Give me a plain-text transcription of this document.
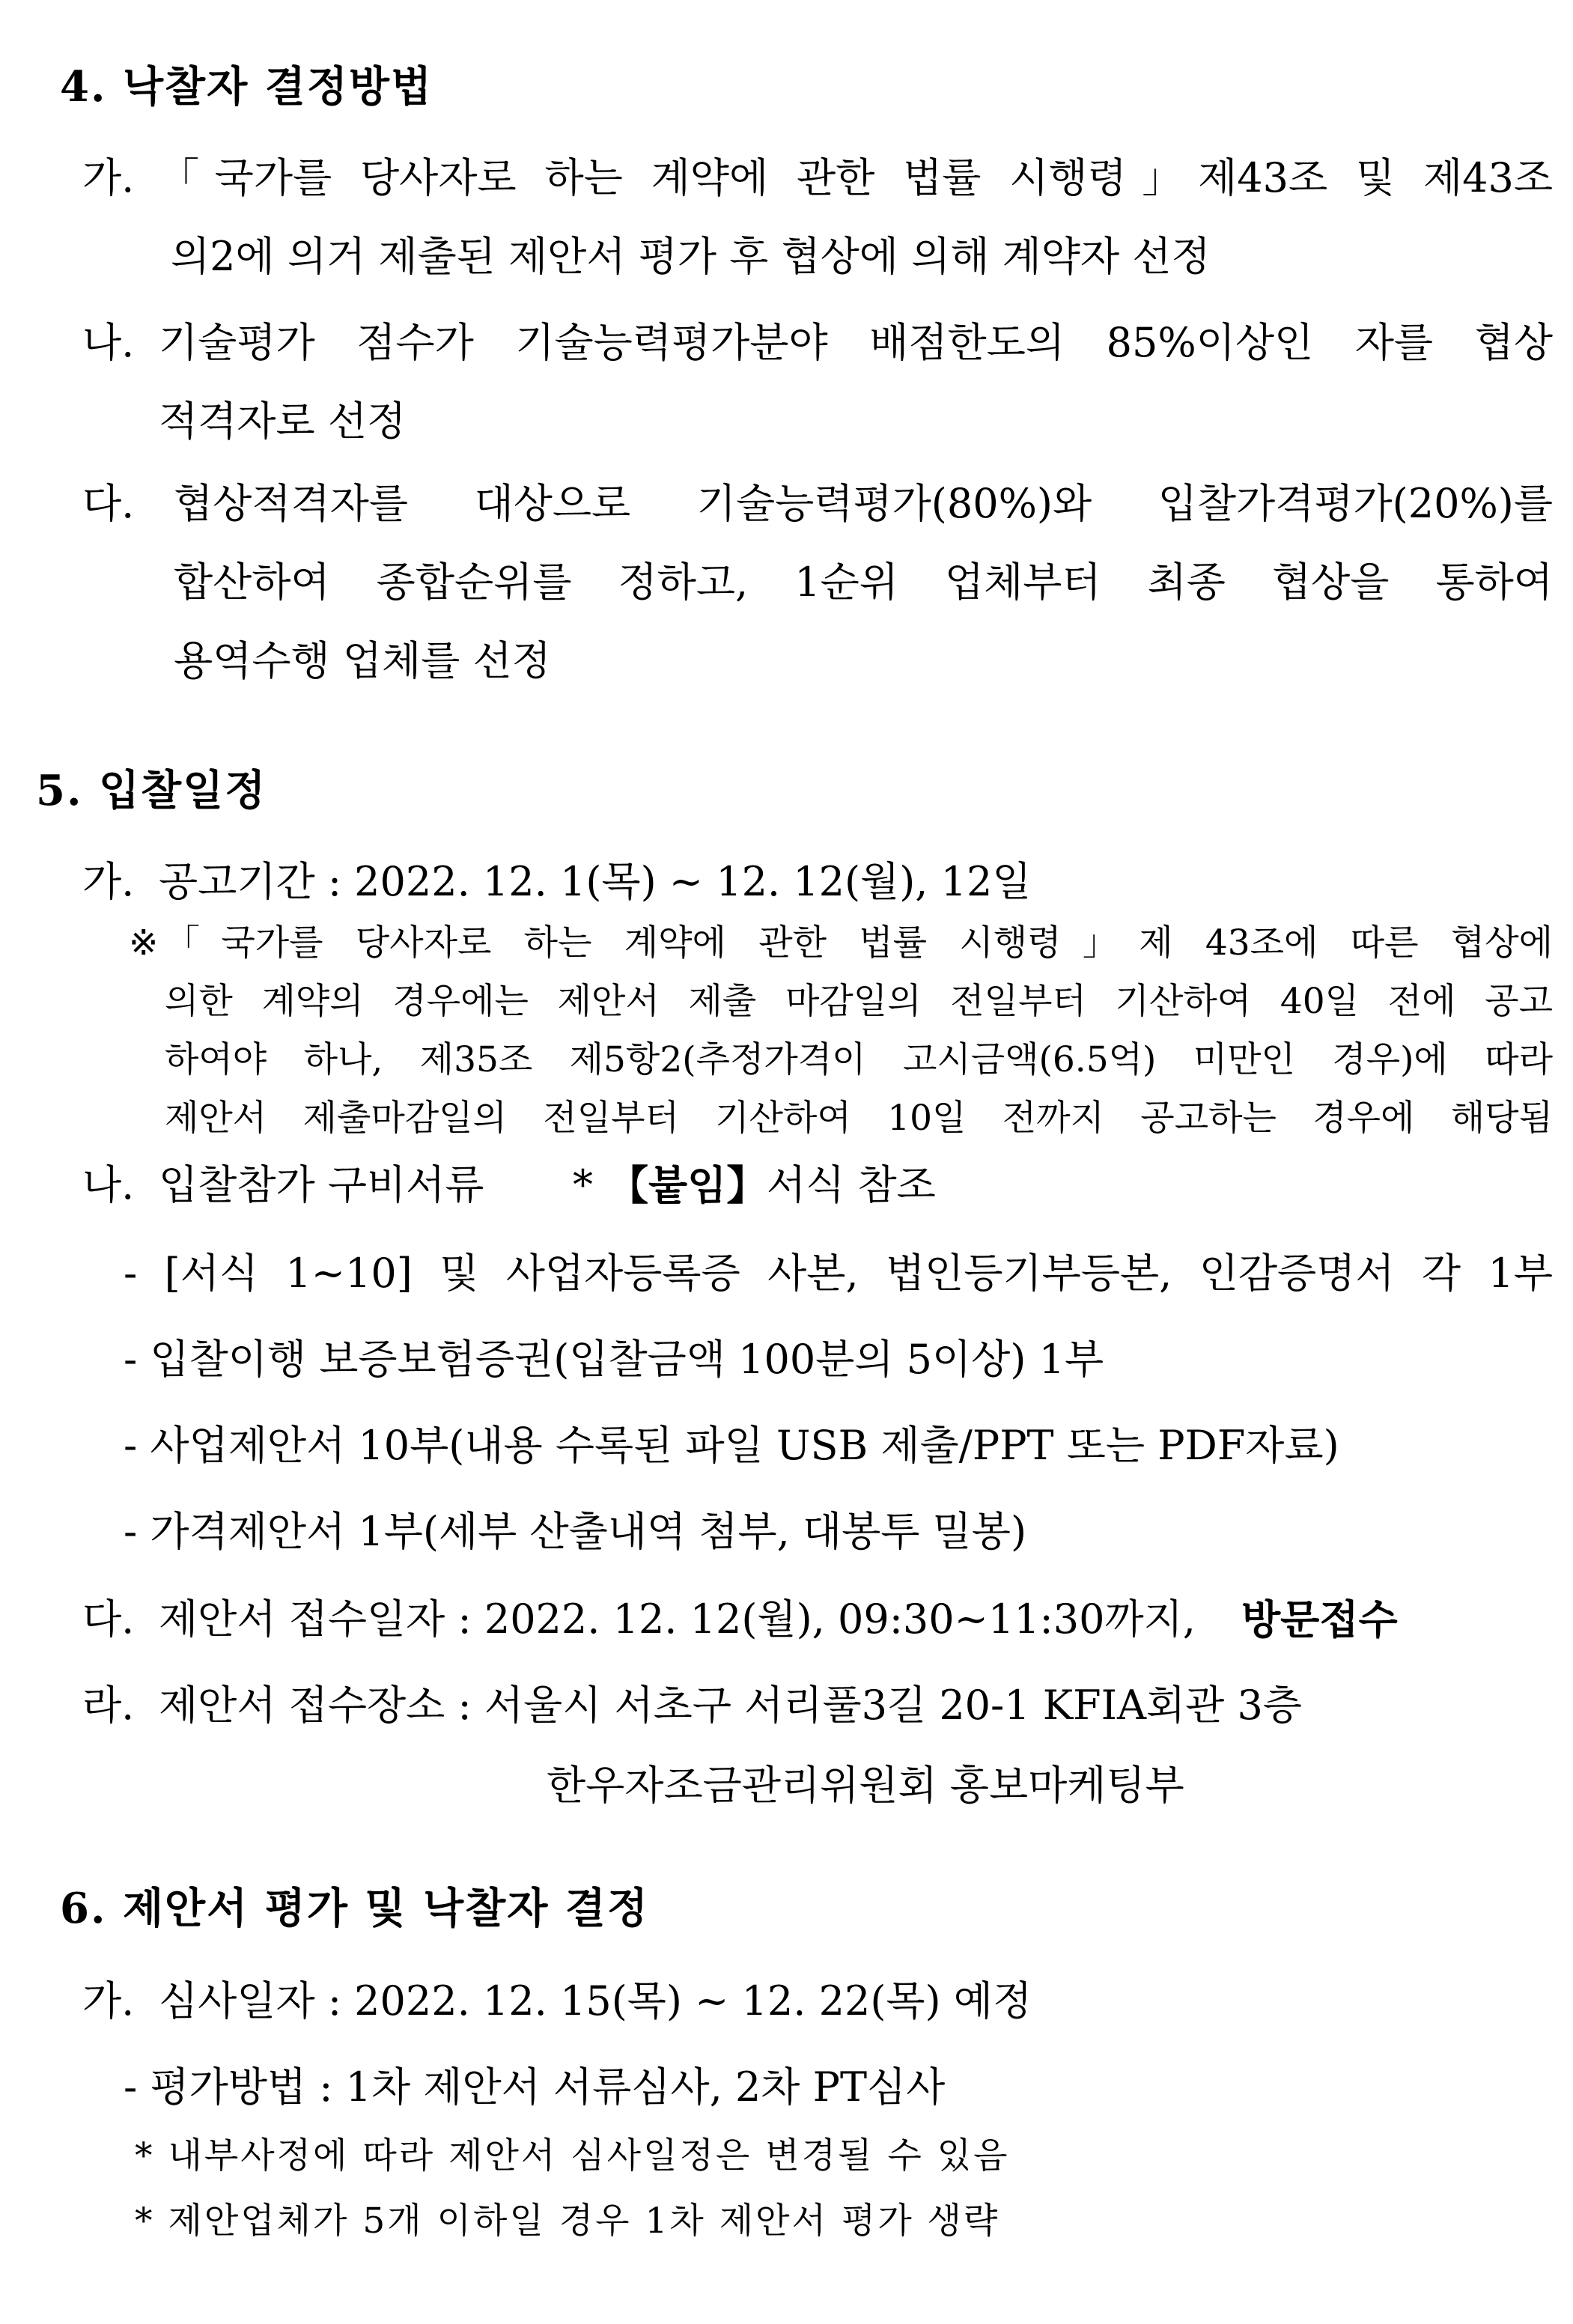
4. 낙찰자 결정방법
가. 「국가를 당사자로 하는 계약에 관한 법률 시행령」제43조 및 제43조
의2에 의거 제출된 제안서 평가 후 협상에 의해 계약자 선정
나. 기술평가 점수가 기술능력평가분야 배점한도의 85%이상인 자를 협상
적격자로 선정
다. 협상적격자를 대상으로 기술능력평가(80%)와 입찰가격평가(20%)를
합산하여 종합순위를 정하고, 1순위 업체부터 최종 협상을 통하여
용역수행 업체를 선정
5. 입찰일정
가. 공고기간 : 2022. 12. 1(목) ~ 12. 12(월), 12일
※ 「국가를 당사자로 하는 계약에 관한 법률 시행령」제 43조에 따른 협상에
의한 계약의 경우에는 제안서 제출 마감일의 전일부터 기산하여 40일 전에 공고
하여야 하나, 제35조 제5항2(추정가격이 고시금액(6.5억) 미만인 경우)에 따라
제안서 제출마감일의 전일부터 기산하여 10일 전까지 공고하는 경우에 해당됨
나. 입찰참가 구비서류 * 【붙임】 서식 참조
- [서식 1~10] 및 사업자등록증 사본, 법인등기부등본, 인감증명서 각 1부
- 입찰이행 보증보험증권(입찰금액 100분의 5이상) 1부
- 사업제안서 10부(내용 수록된 파일 USB 제출/PPT 또는 PDF자료)
- 가격제안서 1부(세부 산출내역 첨부, 대봉투 밀봉)
다. 제안서 접수일자 : 2022. 12. 12(월), 09:30~11:30까지, 방문접수
라. 제안서 접수장소 : 서울시 서초구 서리풀3길 20-1 KFIA회관 3층
한우자조금관리위원회 홍보마케팅부
6. 제안서 평가 및 낙찰자 결정
가. 심사일자 : 2022. 12. 15(목) ~ 12. 22(목) 예정
- 평가방법 : 1차 제안서 서류심사, 2차 PT심사
* 내부사정에 따라 제안서 심사일정은 변경될 수 있음
* 제안업체가 5개 이하일 경우 1차 제안서 평가 생략
